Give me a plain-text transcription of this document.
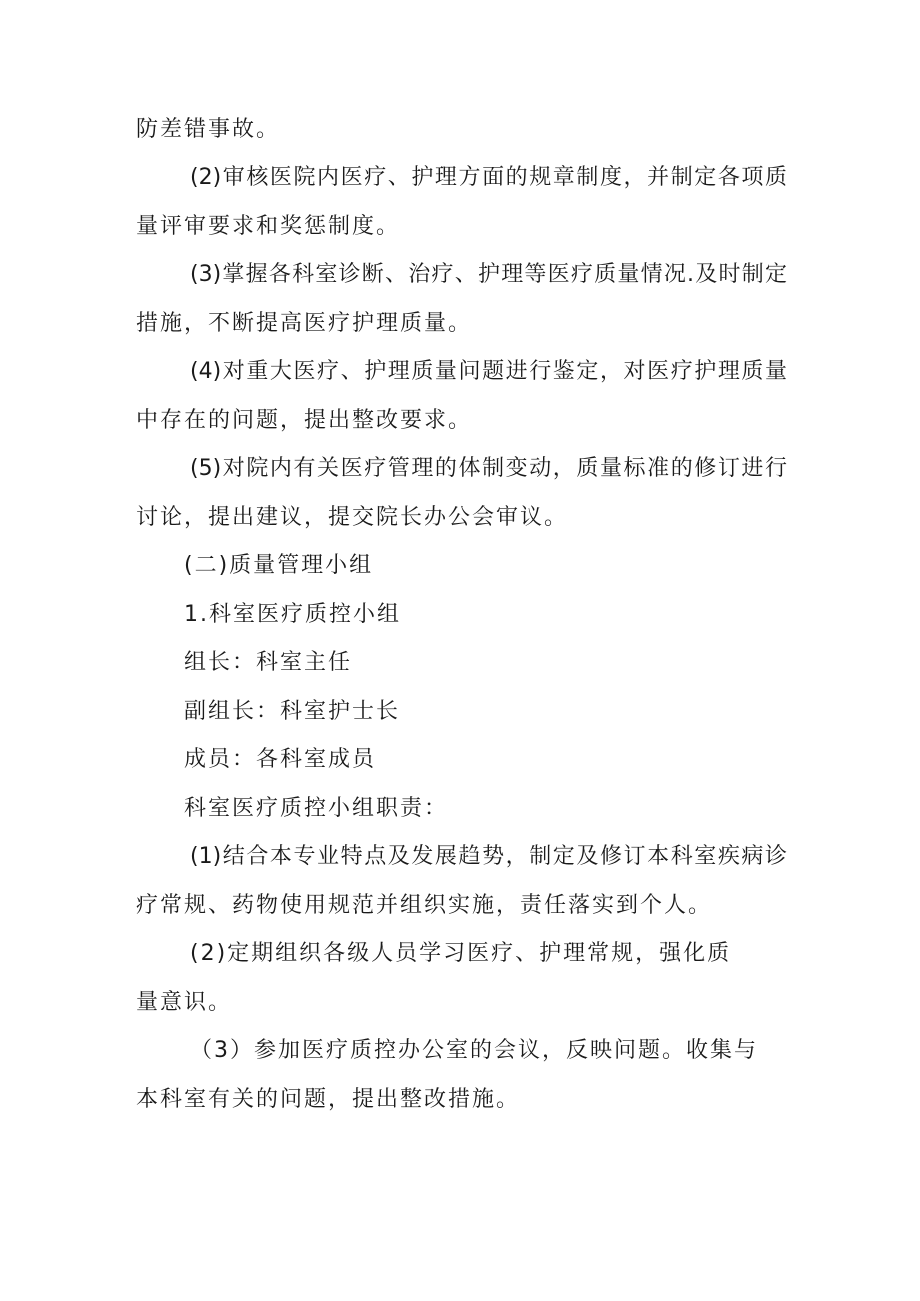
防差错事故。
(2)审核医院内医疗、护理方面的规章制度，并制定各项质
量评审要求和奖惩制度。
(3)掌握各科室诊断、治疗、护理等医疗质量情况.及时制定
措施，不断提高医疗护理质量。
(4)对重大医疗、护理质量问题进行鉴定，对医疗护理质量
中存在的问题，提出整改要求。
(5)对院内有关医疗管理的体制变动，质量标准的修订进行
讨论，提出建议，提交院长办公会审议。
(二)质量管理小组
1.科室医疗质控小组
组长：科室主任
副组长：科室护士长
成员：各科室成员
科室医疗质控小组职责：
(1)结合本专业特点及发展趋势，制定及修订本科室疾病诊
疗常规、药物使用规范并组织实施，责任落实到个人。
(2)定期组织各级人员学习医疗、护理常规，强化质
量意识。
（3）参加医疗质控办公室的会议，反映问题。收集与
本科室有关的问题，提出整改措施。
